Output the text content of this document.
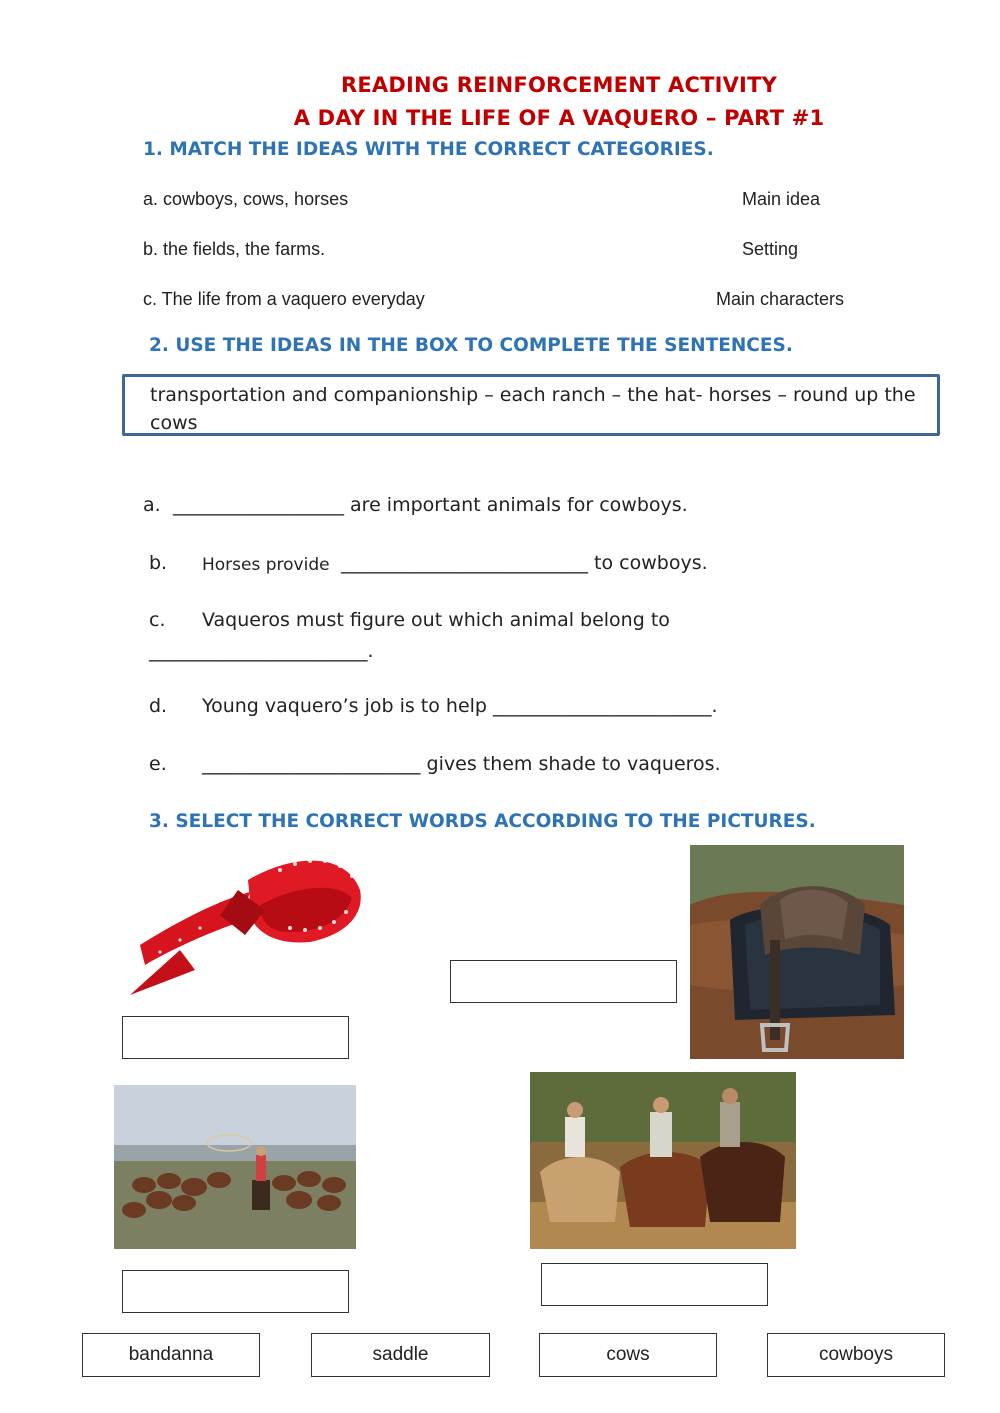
READING REINFORCEMENT ACTIVITY
A DAY IN THE LIFE OF A VAQUERO – PART #1
1. MATCH THE IDEAS WITH THE CORRECT CATEGORIES.
a. cowboys, cows, horses	Main idea
b. the fields, the farms.	Setting
c. The life from a vaquero everyday	Main characters
2. USE THE IDEAS IN THE BOX TO COMPLETE THE SENTENCES.
transportation and companionship – each ranch – the hat- horses – round up the
cows
a. __________________ are important animals for cowboys.
b. Horses provide __________________________ to cowboys.
c. Vaqueros must figure out which animal belong to
_______________________.
d. Young vaquero’s job is to help _______________________.
e. _______________________ gives them shade to vaqueros.
3. SELECT THE CORRECT WORDS ACCORDING TO THE PICTURES.
bandanna	saddle	cows	cowboys
